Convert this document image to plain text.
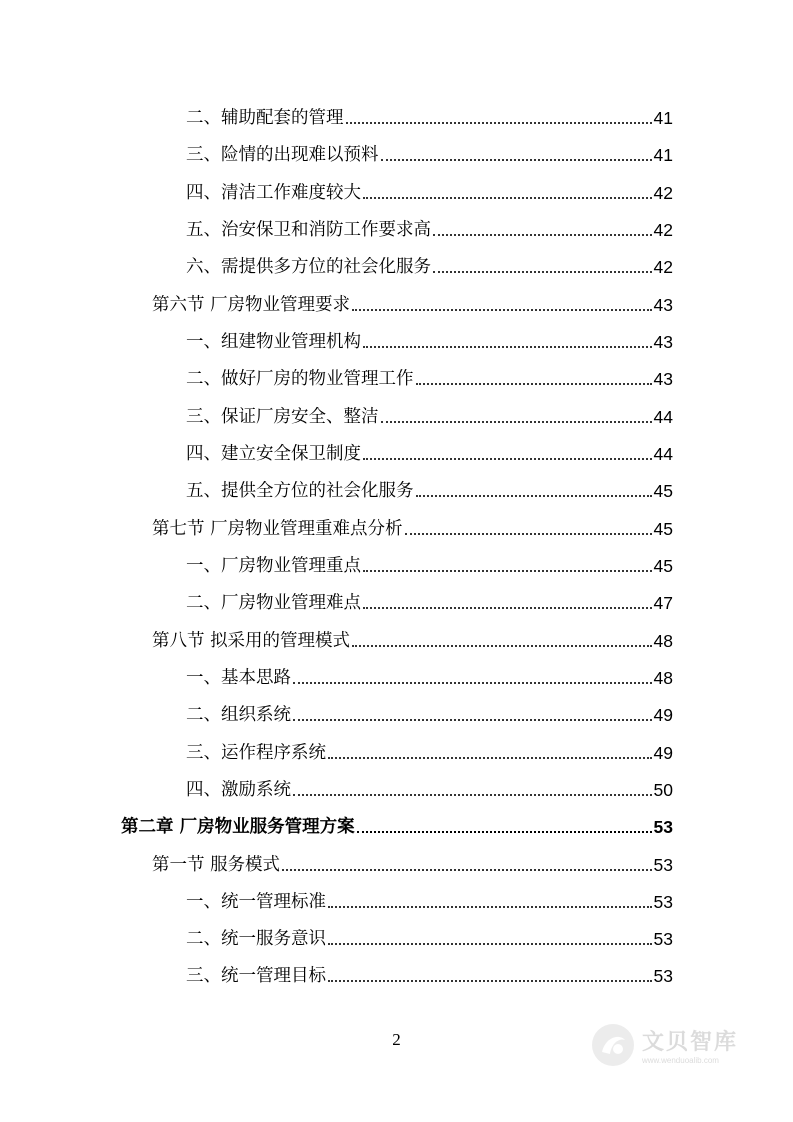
二、辅助配套的管理	41
三、险情的出现难以预料	41
四、清洁工作难度较大	42
五、治安保卫和消防工作要求高	42
六、需提供多方位的社会化服务	42
第六节 厂房物业管理要求	43
一、组建物业管理机构	43
二、做好厂房的物业管理工作	43
三、保证厂房安全、整洁	44
四、建立安全保卫制度	44
五、提供全方位的社会化服务	45
第七节 厂房物业管理重难点分析	45
一、厂房物业管理重点	45
二、厂房物业管理难点	47
第八节 拟采用的管理模式	48
一、基本思路	48
二、组织系统	49
三、运作程序系统	49
四、激励系统	50
第二章 厂房物业服务管理方案	53
第一节 服务模式	53
一、统一管理标准	53
二、统一服务意识	53
三、统一管理目标	53
2	文贝智库
www.wenduoalib.com
